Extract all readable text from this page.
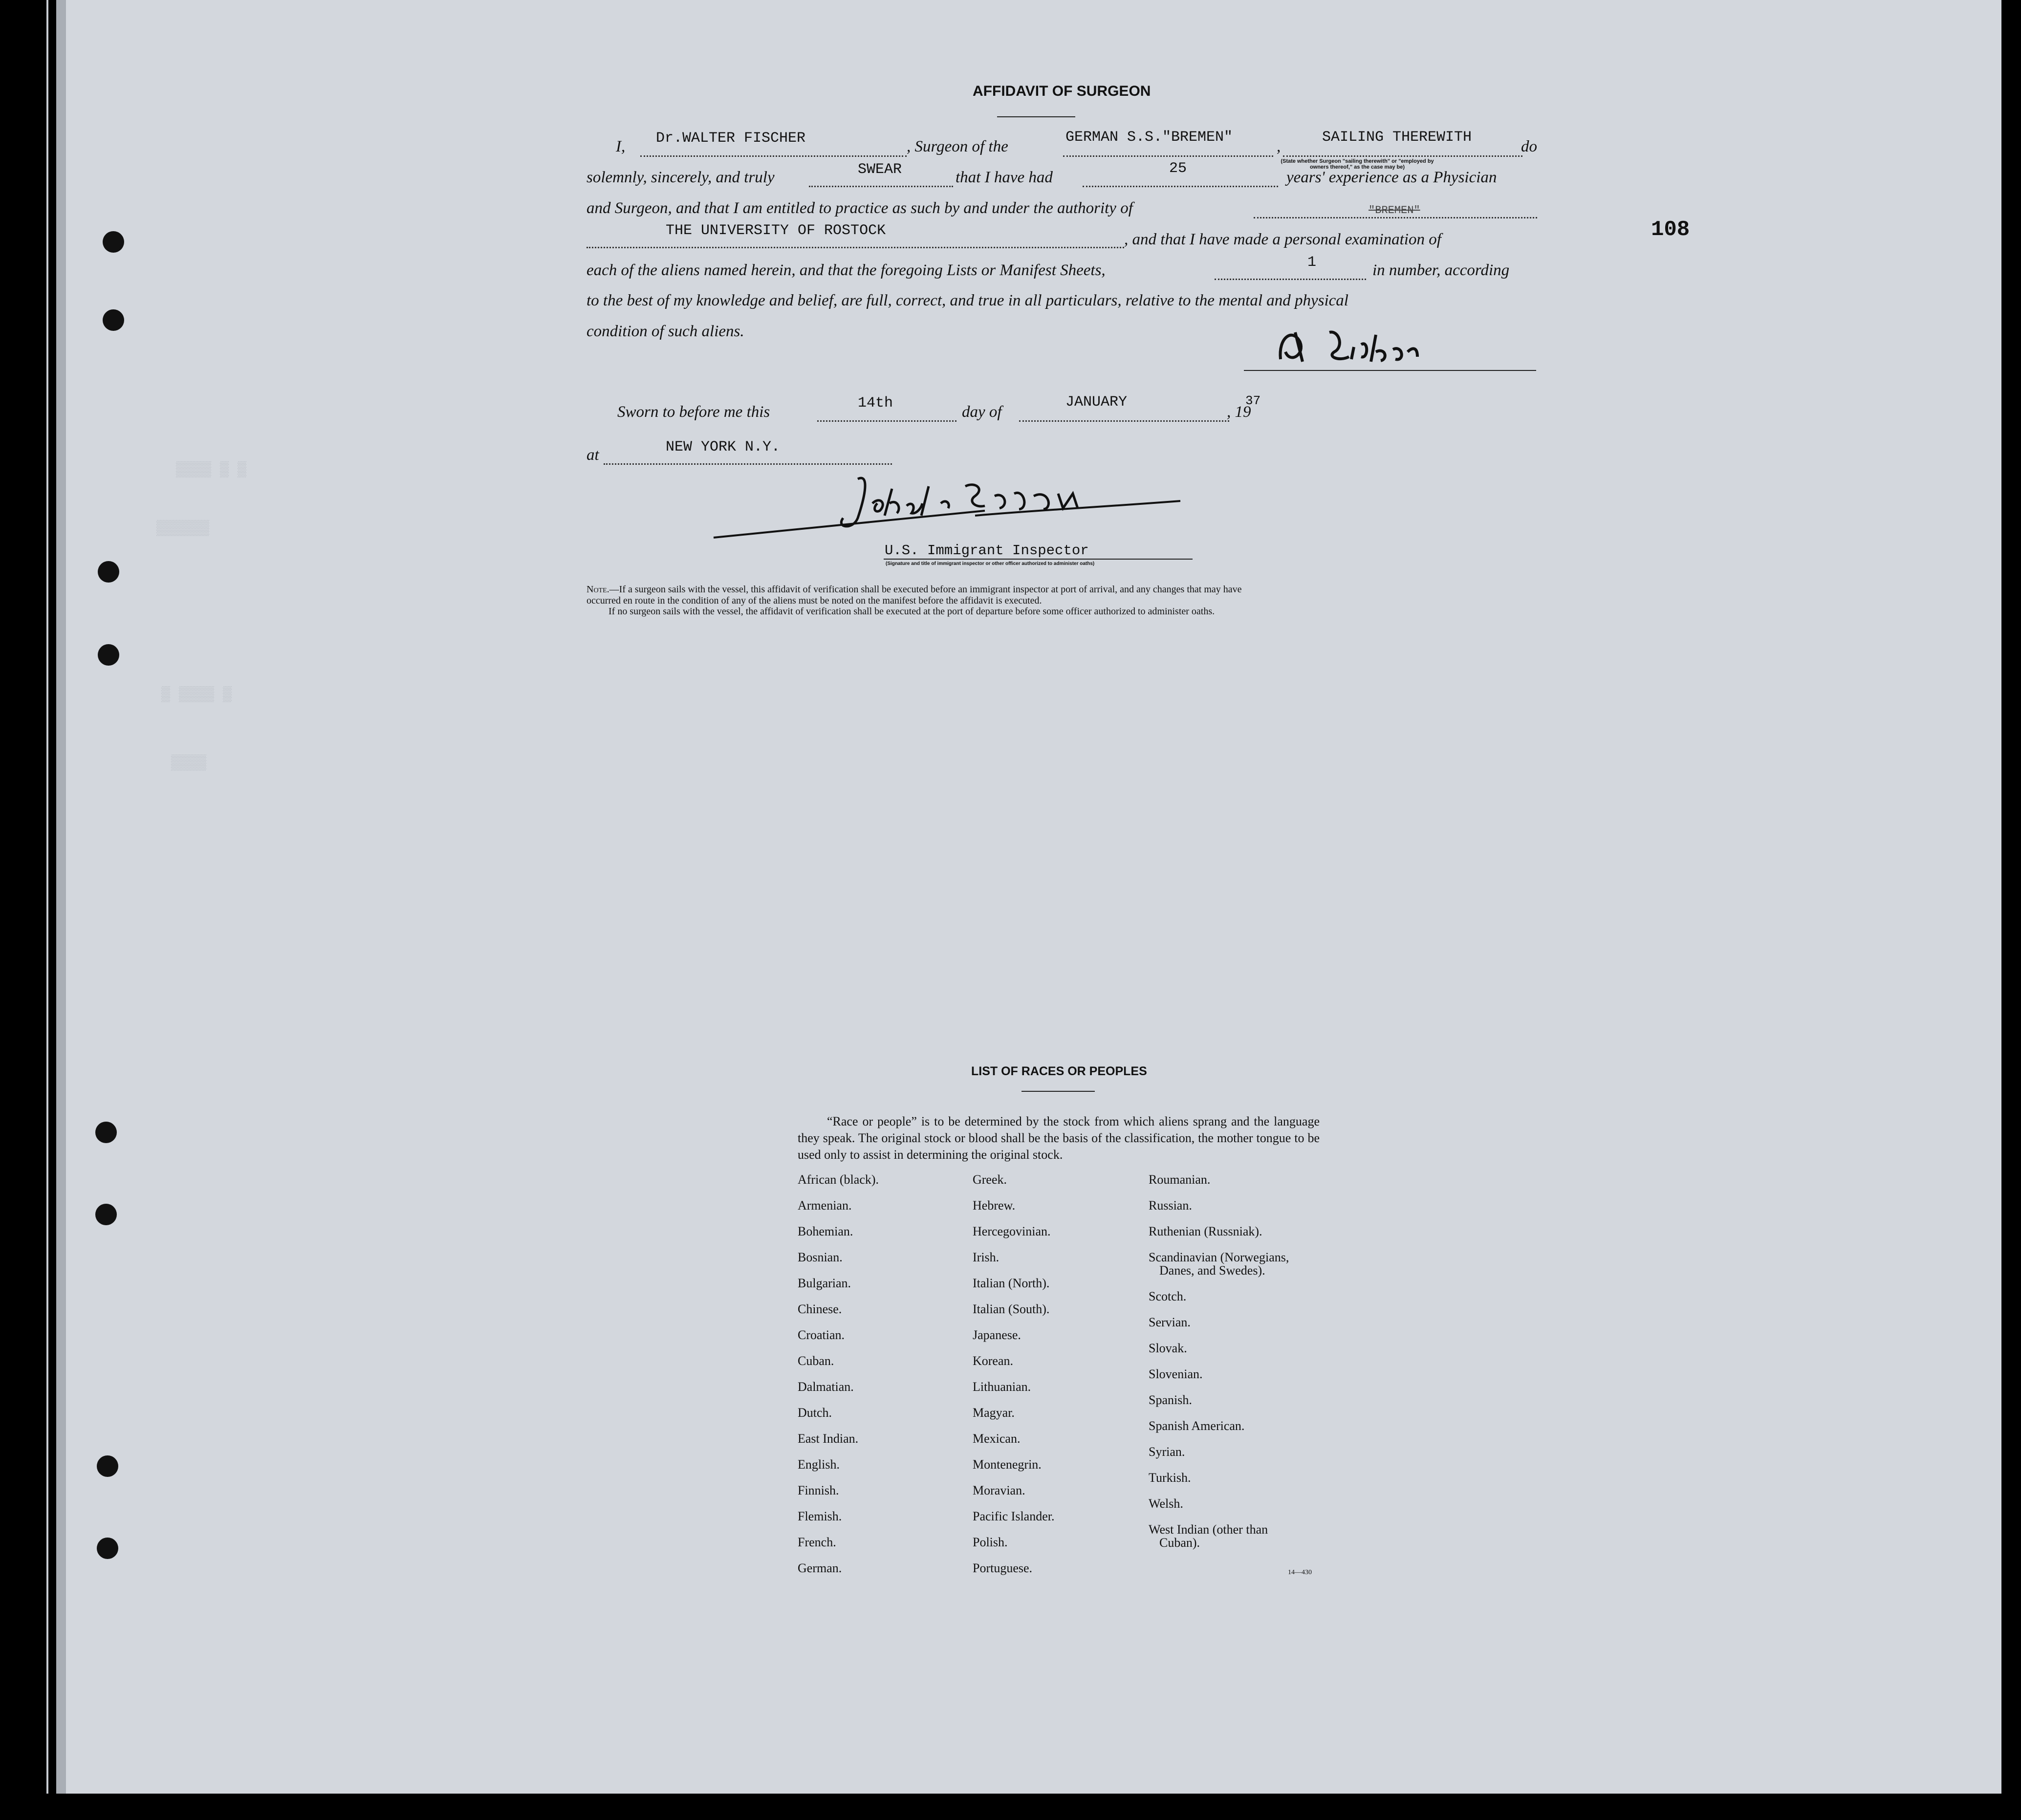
▒▒▒▒ ▒ ▒
▒▒▒▒▒▒
▒ ▒▒▒▒ ▒
▒▒▒▒
108
AFFIDAVIT OF SURGEON
I, Dr.WALTER FISCHER	, Surgeon of the
GERMAN S.S."BREMEN"
,
SAILING THEREWITH
do
(State whether Surgeon "sailing therewith" or "employed by owners thereof," as the case may be)
solemnly, sincerely, and truly	SWEAR	that I have had	25	years' experience as a Physician
and Surgeon, and that I am entitled to practice as such by and under the authority of	"BREMEN"
THE UNIVERSITY OF ROSTOCK	, and that I have made a personal examination of
each of the aliens named herein, and that the foregoing Lists or Manifest Sheets,	1	in number, according
to the best of my knowledge and belief, are full, correct, and true in all particulars, relative to the mental and physical
condition of such aliens.
Sworn to before me this	14th	day of
JANUARY
, 19
37
at	NEW YORK N.Y.
U.S. Immigrant Inspector
(Signature and title of immigrant inspector or other officer authorized to administer oaths)
Note.—If a surgeon sails with the vessel, this affidavit of verification shall be executed before an immigrant inspector at port of arrival, and any changes that may have
occurred en route in the condition of any of the aliens must be noted on the manifest before the affidavit is executed.
If no surgeon sails with the vessel, the affidavit of verification shall be executed at the port of departure before some officer authorized to administer oaths.
LIST OF RACES OR PEOPLES
“Race or people” is to be determined by the stock from which aliens sprang and the language they speak. The original stock or blood shall be the basis of the classification, the mother tongue to be used only to assist in determining the original stock.
African (black).
Armenian.
Bohemian.
Bosnian.
Bulgarian.
Chinese.
Croatian.
Cuban.
Dalmatian.
Dutch.
East Indian.
English.
Finnish.
Flemish.
French.
German.
Greek.
Hebrew.
Hercegovinian.
Irish.
Italian (North).
Italian (South).
Japanese.
Korean.
Lithuanian.
Magyar.
Mexican.
Montenegrin.
Moravian.
Pacific Islander.
Polish.
Portuguese.
Roumanian.
Russian.
Ruthenian (Russniak).
Scandinavian (Norwegians,
Danes, and Swedes).
Scotch.
Servian.
Slovak.
Slovenian.
Spanish.
Spanish American.
Syrian.
Turkish.
Welsh.
West Indian (other than
Cuban).
14—430
